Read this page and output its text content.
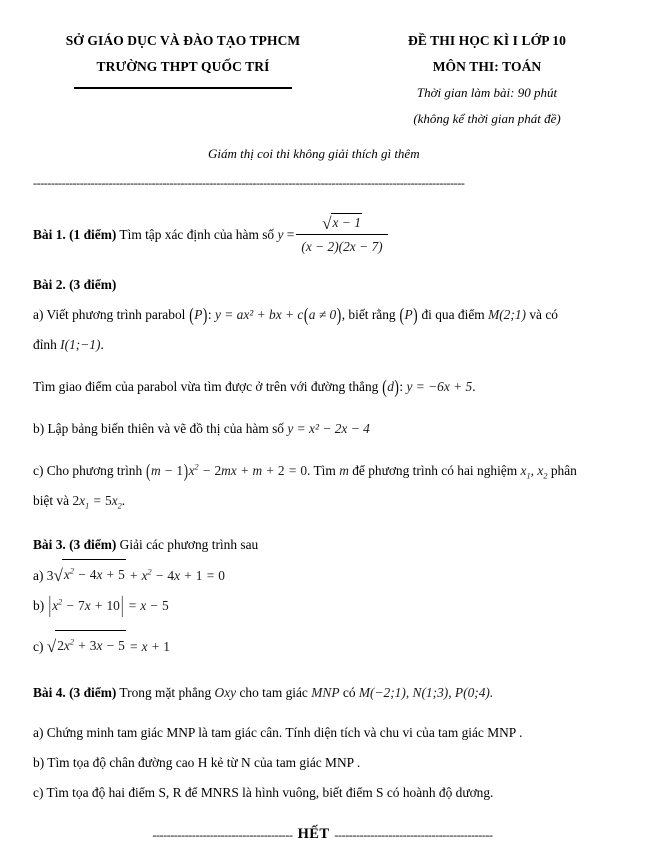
SỞ GIÁO DỤC VÀ ĐÀO TẠO TPHCM
TRƯỜNG THPT QUỐC TRÍ
ĐỀ THI HỌC KÌ I LỚP 10
MÔN THI: TOÁN
Thời gian làm bài: 90 phút
(không kể thời gian phát đề)
Giám thị coi thi không giải thích gì thêm
------------------------------------------------------------------------------------------------------------------------
Bài 1. (1 điểm) Tìm tập xác định của hàm số $y = \frac{√x - 1}{(x - 2)(2x - 7)}$
Bài 2. (3 điểm)
a) Viết phương trình parabol (P): y = ax² + bx + c(a ≠ 0), biết rằng (P) đi qua điểm M(2;1) và có
đỉnh I(1;−1).
Tìm giao điểm của parabol vừa tìm được ở trên với đường thẳng (d): y = −6x + 5.
b) Lập bảng biến thiên và vẽ đồ thị của hàm số y = x² − 2x − 4
c) Cho phương trình $(m - 1)x^2 - 2mx + m + 2 = 0$. Tìm m để phương trình có hai nghiệm $x_1$, $x_2$ phân
biệt và $2x_1 = 5x_2$.
Bài 3. (3 điểm) Giải các phương trình sau
a) $3√x^2 - 4x + 5 + x^2 - 4x + 1 = 0$
b) $|x^2 - 7x + 10| = x - 5$
c) $√2x^2 + 3x - 5 = x + 1$
Bài 4. (3 điểm) Trong mặt phẳng Oxy cho tam giác MNP có M(−2;1), N(1;3), P(0;4).
a) Chứng minh tam giác MNP là tam giác cân. Tính diện tích và chu vi của tam giác MNP .
b) Tìm tọa độ chân đường cao H kẻ từ N của tam giác MNP .
c) Tìm tọa độ hai điểm S, R để MNRS là hình vuông, biết điểm S có hoành độ dương.
--------------------------------------- HẾT --------------------------------------------
